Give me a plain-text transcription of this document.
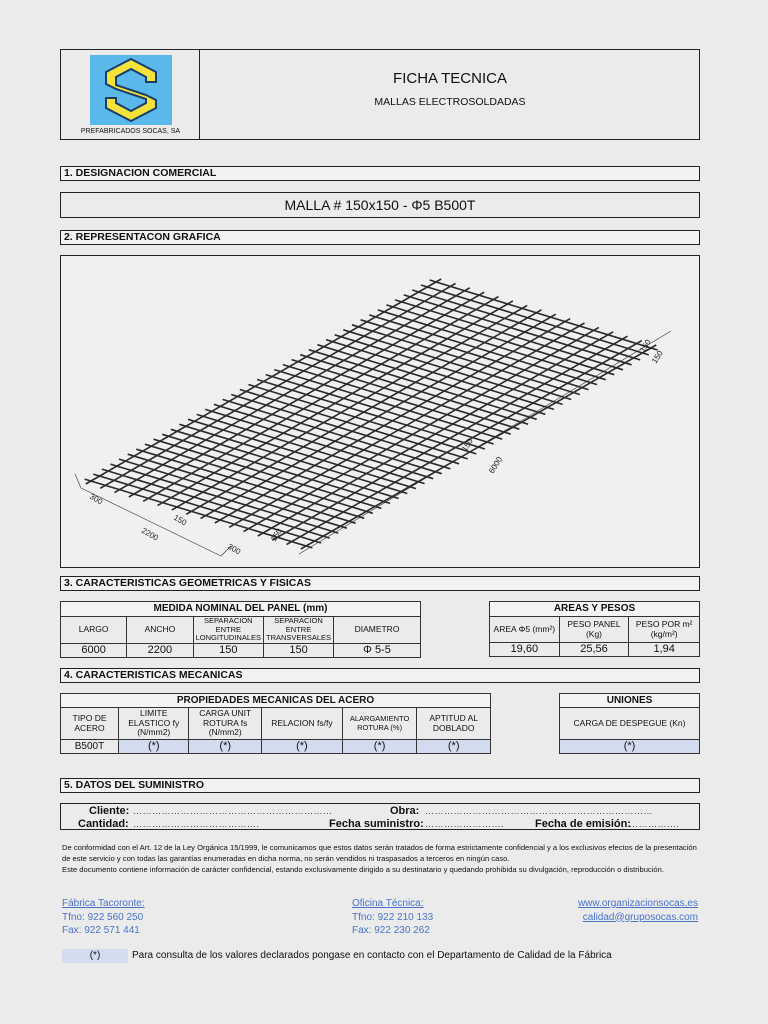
PREFABRICADOS SOCAS, SA
FICHA TECNICA
MALLAS ELECTROSOLDADAS
1. DESIGNACION COMERCIAL
MALLA # 150x150 - Φ5 B500T
2. REPRESENTACON GRAFICA
6000
2200
150
150
150
300
300
150
150
3. CARACTERISTICAS GEOMETRICAS Y FISICAS
MEDIDA NOMINAL DEL PANEL (mm)				
LARGO	ANCHO	SEPARACION ENTRE LONGITUDINALES	SEPARACION ENTRE TRANSVERSALES	DIAMETRO
6000	2200	150	150	Φ 5-5
AREAS Y PESOS		
AREA Φ5 (mm²)	PESO PANEL (Kg)	PESO POR m² (kg/m²)
19,60	25,56	1,94
4. CARACTERISTICAS MECANICAS
PROPIEDADES MECANICAS DEL ACERO					
TIPO DE ACERO	LIMITE ELASTICO fy (N/mm2)	CARGA UNIT ROTURA fs (N/mm2)	RELACION fs/fy	ALARGAMIENTO ROTURA (%)	APTITUD AL DOBLADO
B500T	(*)	(*)	(*)	(*)	(*)
UNIONES
CARGA DE DESPEGUE (Kn)
(*)
5. DATOS DEL SUMINISTRO
Cliente: ………………………………………………………	Obra: ………………………………………………………………
Cantidad: ………………………………….	Fecha suministro: …………………….	Fecha de emisión:
…………….

De conformidad con el Art. 12 de la Ley Orgánica 15/1999, le comunicamos que estos datos serán tratados de forma estrictamente confidencial y a los exclusivos efectos de la presentación de este servicio y con todas las garantías enumeradas en dicha norma, no serán vendidos ni traspasados a terceros en ningún caso.

Este documento contiene información de carácter confidencial, estando exclusivamente dirigido a su destinatario y quedando prohibida su divulgación, reproducción o distribución.

Fábrica Tacoronte:
Tfno: 922 560 250
Fax: 922 571 441
Oficina Técnica:
Tfno: 922 210 133
Fax: 922 230 262
www.organizacionsocas.es
calidad@gruposocas.com
(*)	Para consulta de los valores declarados pongase en contacto con el Departamento de Calidad de la Fábrica
